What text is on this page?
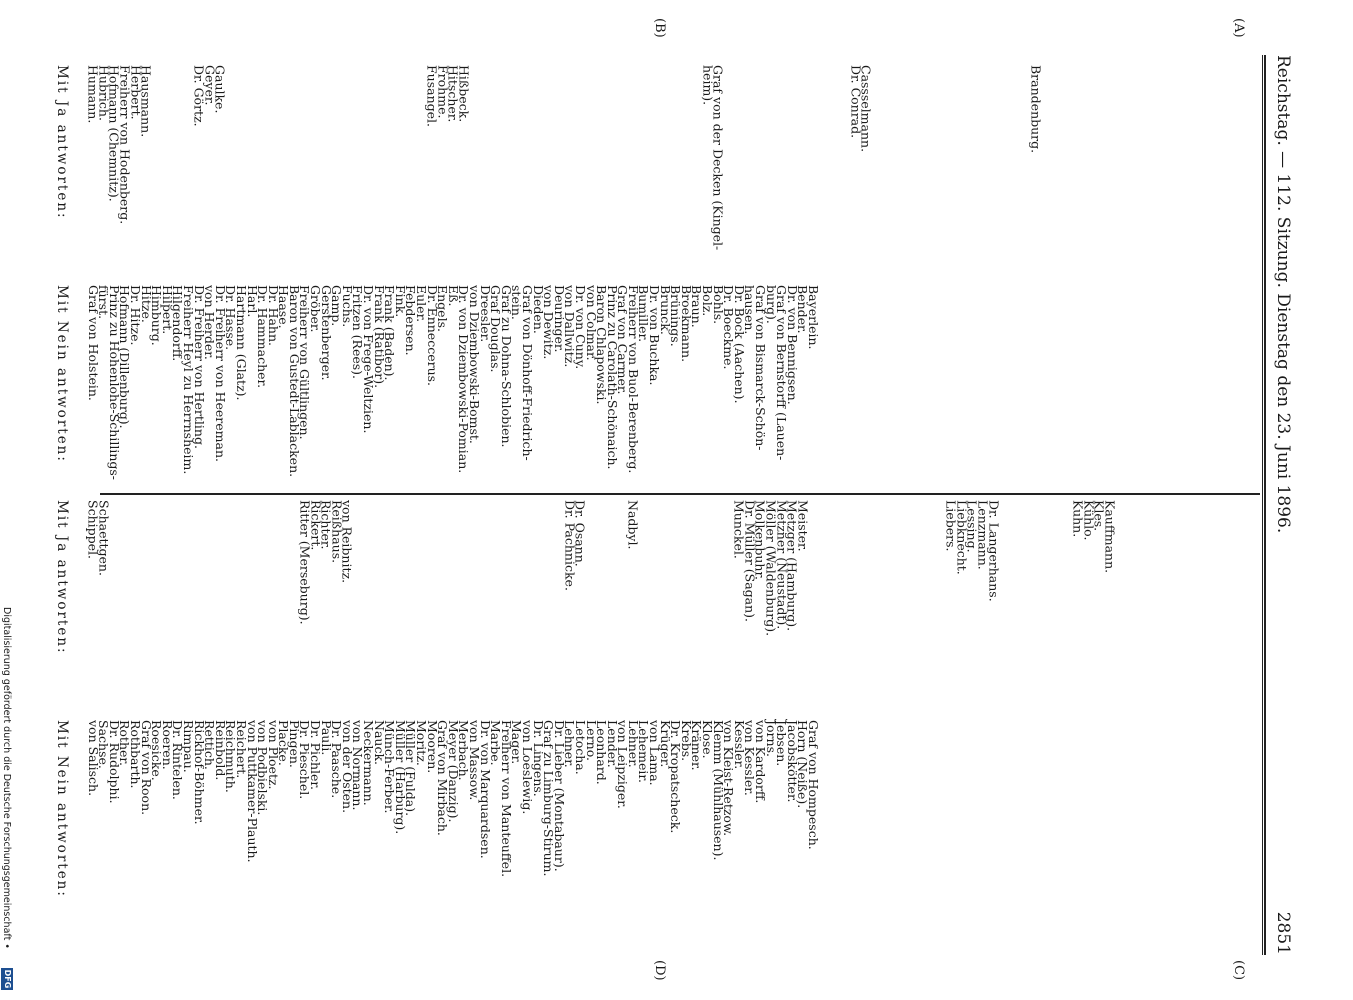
Reichstag. — 112. Sitzung. Dienstag den 23. Juni 1896.
2851
(A)
(B)
(C)
(D)
Mit Ja antworten:
Mit Nein antworten:
Brandenburg.

Cassselmann.
Dr. Conrad.

Graf von der Decken (Kingel-
heim).

Hißbeck.
Hitscher.
Frohme.
Fusangel.

Gaulke.
Geyer.
Dr. Görtz.

Hausmann.
Herbert.
Freiherr von Hodenberg.
Hofmann (Chemnitz).
Hubrich.
Humann.
Bayerlein.
Bender.
Dr. von Bennigsen.
Graf von Bernstorff (Lauen-
burg).
Graf von Bismarck-Schön-
hausen.
Dr. Bock (Aachen).
Dr. Boeckme.
Bohls.
Bolz.
Braun.
Broekmann.
Brünings.
Brunck.
Dr. von Buchka.
Bumiller.
Freiherr von Buol-Berenberg.
Graf von Carmer.
Prinz zu Carolath-Schönaich.
Baron Chlapowski.
von Colmar.
Dr. von Cuny.
von Dallwitz.
Deuringer.
von Dewitz.
Dieden.
Graf von Dönhoff-Friedrich-
stein.
Graf zu Dohna-Schlobien.
Graf Douglas.
Dreesler.
von Dziembowski-Bomst.
Dr. von Dziembowski-Pomian.
Eß.
Engels.
Dr. Enneccerus.
Euler.
Febdersen.
Fink.
Frank (Baden).
Frank (Ratibor).
Dr. von Frege-Weltzien.
Fritzen (Rees).
Fuchs.
Gamp.
Gerstenberger.
Gröber.
Freiherr von Gültlingen.
Baron von Gustedt-Lablacken.
Haase.
Dr. Hahn.
Dr. Hammacher.
Harl.
Hartmann (Glatz).
Dr. Hasse.
Dr. Freiherr von Heereman.
von Herder.
Dr. Freiherr von Hertling.
Freiherr Heyl zu Herrnsheim.
Hilgendorff.
Hilpert.
Himburg.
Hitze.
Dr. Hitze.
Hofmann (Dillenburg).
Prinz zu Hohenlohe-Schillings-
fürst.
Graf von Holstein.
Mit Ja antworten:
Mit Nein antworten:

Kauffmann.
Kles.
Kühlo.
Kuhn.

Dr. Langerhans.
Lenzmann.
Lessing.
Liebknecht.
Liebers.

Meister.
Metzger (Hamburg).
Metzner (Neustadt).
Möller (Waldenburg).
Molkenbuhr.
Dr. Müller (Sagan).
Munckel.

Nadbyl.

Dr. Osann.
Dr. Pachnicke.

von Reibnitz.
Reißhaus.
Richter.
Rickert.
Ritter (Merseburg).

Schaettgen.
Schippel.
Graf von Hompesch.
Horn (Neiße).
Jacobskötter.
Jebsen.
Jorns.
von Kardorff.
von Kessler.
Kessler.
von Kleist-Retzow.
Klemm (Mühlhausen).
Klose.
Krämer.
Krebs.
Dr. Kropatscheck.
Krüger.
von Lama.
Lehemeir.
Lehner.
von Leipziger.
Lender.
Leonhard.
Lerno.
Letocha.
Lehner.
Dr. Lieber (Montabaur).
Graf zu Limburg-Stirum.
Dr. Lingens.
von Loeslewig.
Mager.
Freiherr von Manteuffel.
Marbe.
Dr. von Marquardsen.
von Massow.
Merbach.
Meyer (Danzig).
Graf von Mirbach.
Mooren.
Moritz.
Müller (Fulda).
Müller (Harburg).
Münch-Ferber.
Nauck.
Neckermann.
von Normann.
von der Osten.
Dr. Paasche.
Pauli.
Dr. Pichler.
Dr. Pieschel.
Pingen.
Placke.
von Ploetz.
von Podbielski.
von Puttkamer-Plauth.
Reichert.
Reichmuth.
Reinbold.
Rettich.
Rickhof-Böhmer.
Rimpau.
Dr. Rintelen.
Roeren.
Roesicke.
Graf von Roon.
Rothbarth.
Rother.
Dr. Rudolphi.
Sachse.
von Salisch.
Digitalisierung gefördert durch die Deutsche Forschungsgemeinschaft •
DFG
